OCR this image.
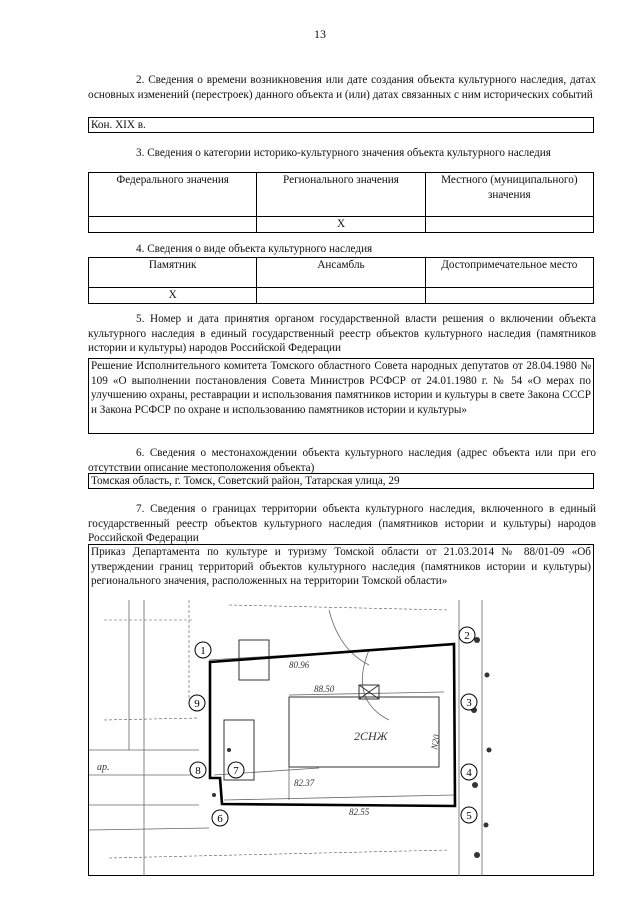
13

2. Сведения о времени возникновения или дате создания объекта культурного наследия, датах основных изменений (перестроек) данного объекта и (или) датах связанных с ним исторических событий

Кон. XIX в.

3. Сведения о категории историко-культурного значения объекта культурного наследия

Федерального значения	Регионального значения	Местного (муниципального) значения
	X	

4. Сведения о виде объекта культурного наследия

Памятник	Ансамбль	Достопримечательное место
X		

5. Номер и дата принятия органом государственной власти решения о включении объекта культурного наследия в единый государственный реестр объектов культурного наследия (памятников истории и культуры) народов Российской Федерации

Решение Исполнительного комитета Томского областного Совета народных депутатов от 28.04.1980 № 109 «О выполнении постановления Совета Министров РСФСР от 24.01.1980 г. № 54 «О мерах по улучшению охраны, реставрации и использования памятников истории и культуры в свете Закона СССР и Закона РСФСР по охране и использованию памятников истории и культуры»

6. Сведения о местонахождении объекта культурного наследия (адрес объекта или при его отсутствии описание местоположения объекта)

Томская область, г. Томск, Советский район, Татарская улица, 29

7. Сведения о границах территории объекта культурного наследия, включенного в единый государственный реестр объектов культурного наследия (памятников истории и культуры) народов Российской Федерации

Приказ Департамента по культуре и туризму Томской области от 21.03.2014 № 88/01-09 «Об утверждении границ территорий объектов культурного наследия (памятников истории и культуры) регионального значения, расположенных на территории Томской области»
80.96
88.50
82.37
82.55
2СНЖ	N20
ар.
1
2
3
4
5
6
7
8
9
